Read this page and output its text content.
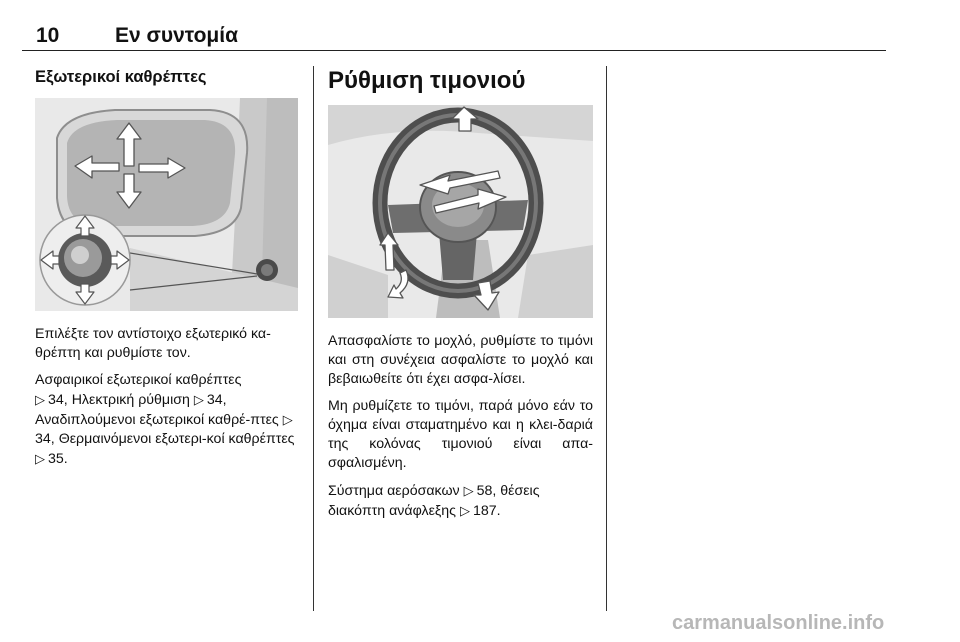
10	Εν συντομία
Εξωτερικοί καθρέπτες

Επιλέξτε τον αντίστοιχο εξωτερικό κα-θρέπτη και ρυθμίστε τον.

Ασφαιρικοί εξωτερικοί καθρέπτες
▷ 34, Ηλεκτρική ρύθμιση ▷ 34,
Αναδιπλούμενοι εξωτερικοί καθρέ-πτες ▷34, Θερμαινόμενοι εξωτερι-κοί καθρέπτες ▷ 35.

Ρύθμιση τιμονιού

Απασφαλίστε το μοχλό, ρυθμίστε το τιμόνι και στη συνέχεια ασφαλίστε το μοχλό και βεβαιωθείτε ότι έχει ασφα-λίσει.

Μη ρυθμίζετε το τιμόνι, παρά μόνο εάν το όχημα είναι σταματημένο και η κλει-δαριά της κολόνας τιμονιού είναι απα-σφαλισμένη.

Σύστημα αερόσακων ▷ 58, θέσεις
διακόπτη ανάφλεξης ▷ 187.

carmanualsonline.info
